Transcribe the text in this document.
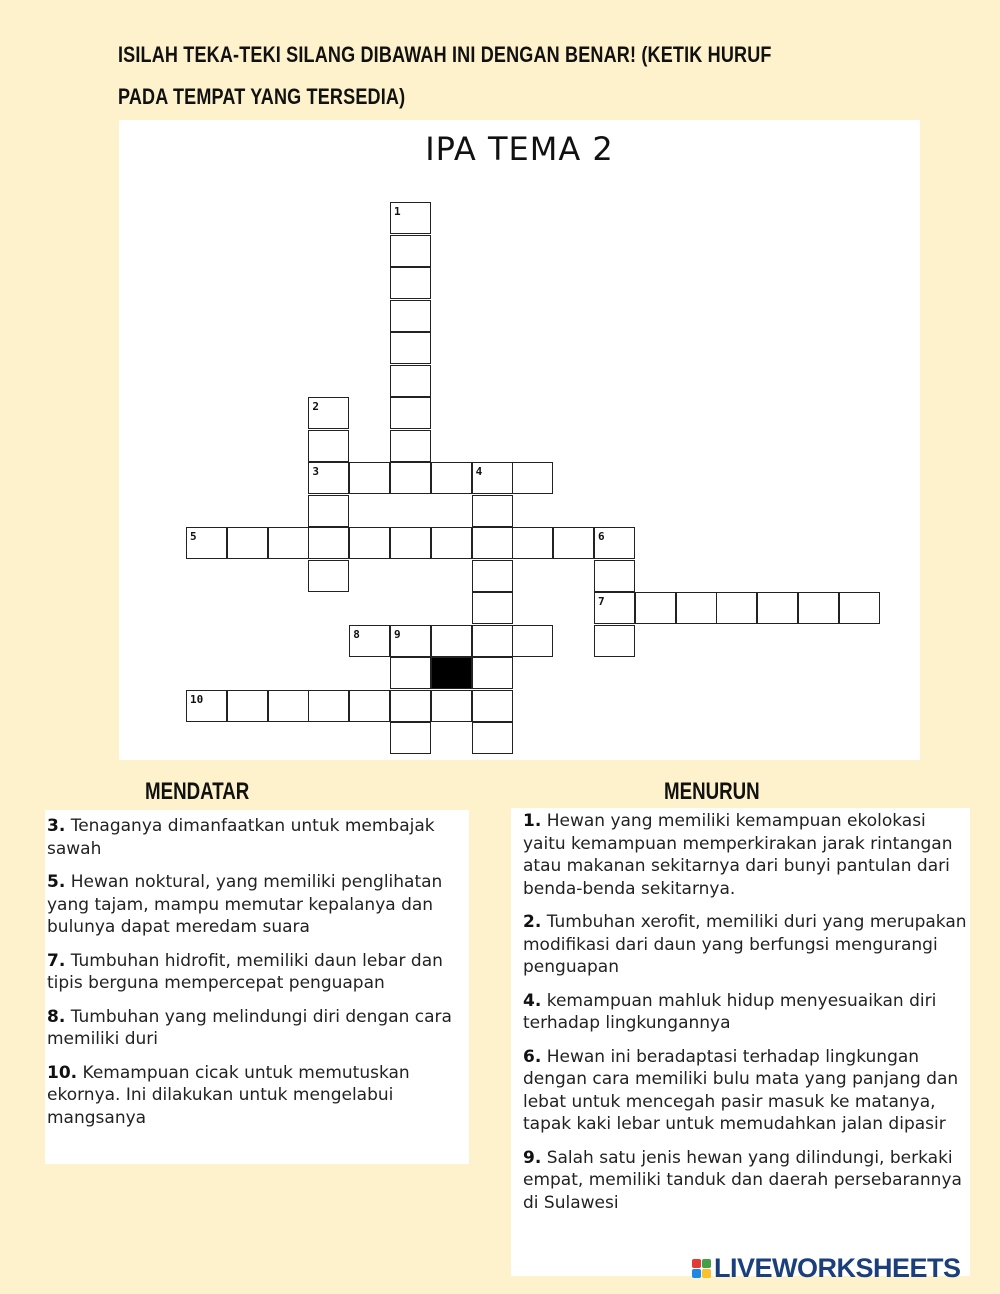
ISILAH TEKA-TEKI SILANG DIBAWAH INI DENGAN BENAR! (KETIK HURUF PADA TEMPAT YANG TERSEDIA)
IPA TEMA 2
1
2
3	4
5	6
7
8	9
10
MENDATAR	MENURUN

3. Tenaganya dimanfaatkan untuk membajak sawah

5. Hewan noktural, yang memiliki penglihatan yang tajam, mampu memutar kepalanya dan bulunya dapat meredam suara

7. Tumbuhan hidrofit, memiliki daun lebar dan tipis berguna mempercepat penguapan

8. Tumbuhan yang melindungi diri dengan cara memiliki duri

10. Kemampuan cicak untuk memutuskan ekornya. Ini dilakukan untuk mengelabui mangsanya

1. Hewan yang memiliki kemampuan ekolokasi yaitu kemampuan memperkirakan jarak rintangan atau makanan sekitarnya dari bunyi pantulan dari benda-benda sekitarnya.

2. Tumbuhan xerofit, memiliki duri yang merupakan modifikasi dari daun yang berfungsi mengurangi penguapan

4. kemampuan mahluk hidup menyesuaikan diri terhadap lingkungannya

6. Hewan ini beradaptasi terhadap lingkungan dengan cara memiliki bulu mata yang panjang dan lebat untuk mencegah pasir masuk ke matanya, tapak kaki lebar untuk memudahkan jalan dipasir

9. Salah satu jenis hewan yang dilindungi, berkaki empat, memiliki tanduk dan daerah persebarannya di Sulawesi

LIVEWORKSHEETS
